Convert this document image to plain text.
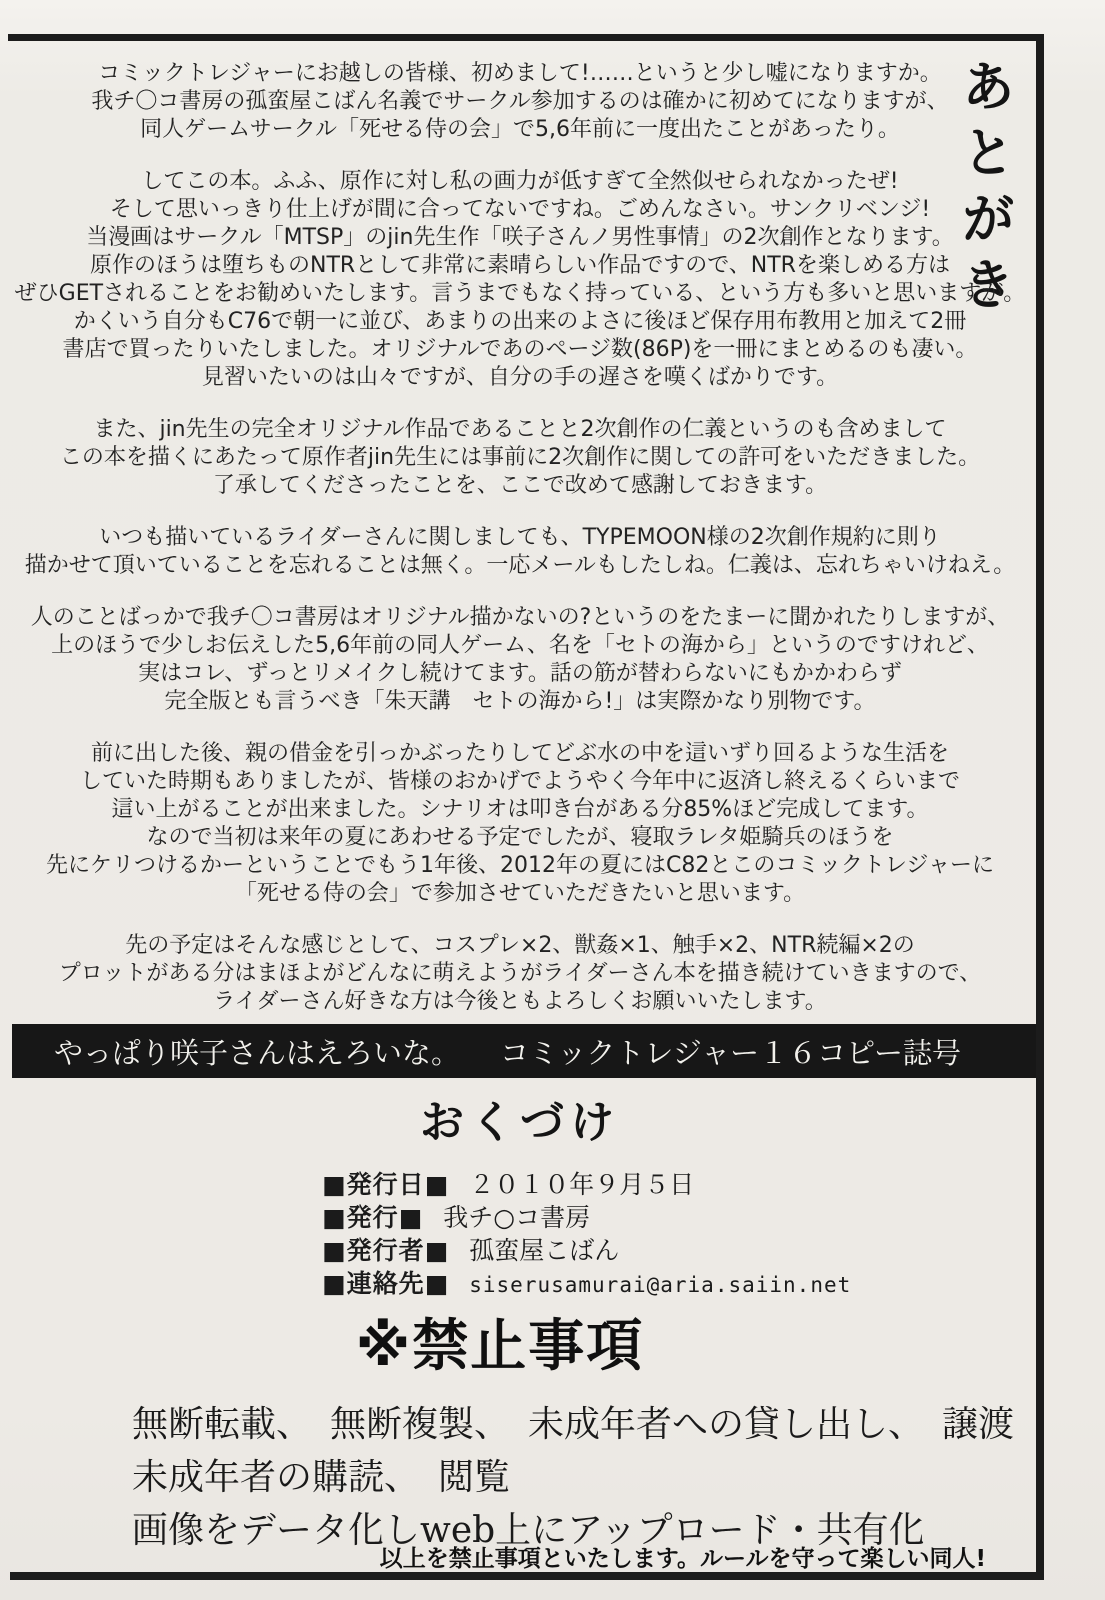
あとがき
コミックトレジャーにお越しの皆様、初めまして!……というと少し嘘になりますか。
我チ〇コ書房の孤蛮屋こばん名義でサークル参加するのは確かに初めてになりますが、
同人ゲームサークル「死せる侍の会」で5,6年前に一度出たことがあったり。
してこの本。ふふ、原作に対し私の画力が低すぎて全然似せられなかったぜ!
そして思いっきり仕上げが間に合ってないですね。ごめんなさい。サンクリベンジ!
当漫画はサークル「MTSP」のjin先生作「咲子さんノ男性事情」の2次創作となります。
原作のほうは堕ちものNTRとして非常に素晴らしい作品ですので、NTRを楽しめる方は
ぜひGETされることをお勧めいたします。言うまでもなく持っている、という方も多いと思いますが。
かくいう自分もC76で朝一に並び、あまりの出来のよさに後ほど保存用布教用と加えて2冊
書店で買ったりいたしました。オリジナルであのページ数(86P)を一冊にまとめるのも凄い。
見習いたいのは山々ですが、自分の手の遅さを嘆くばかりです。
また、jin先生の完全オリジナル作品であることと2次創作の仁義というのも含めまして
この本を描くにあたって原作者jin先生には事前に2次創作に関しての許可をいただきました。
了承してくださったことを、ここで改めて感謝しておきます。
いつも描いているライダーさんに関しましても、TYPEMOON様の2次創作規約に則り
描かせて頂いていることを忘れることは無く。一応メールもしたしね。仁義は、忘れちゃいけねえ。
人のことばっかで我チ〇コ書房はオリジナル描かないの?というのをたまーに聞かれたりしますが、
上のほうで少しお伝えした5,6年前の同人ゲーム、名を「セトの海から」というのですけれど、
実はコレ、ずっとリメイクし続けてます。話の筋が替わらないにもかかわらず
完全版とも言うべき「朱天講　セトの海から!」は実際かなり別物です。
前に出した後、親の借金を引っかぶったりしてどぶ水の中を這いずり回るような生活を
していた時期もありましたが、皆様のおかげでようやく今年中に返済し終えるくらいまで
這い上がることが出来ました。シナリオは叩き台がある分85%ほど完成してます。
なので当初は来年の夏にあわせる予定でしたが、寝取ラレタ姫騎兵のほうを
先にケリつけるかーということでもう1年後、2012年の夏にはC82とこのコミックトレジャーに
「死せる侍の会」で参加させていただきたいと思います。
先の予定はそんな感じとして、コスプレ×2、獣姦×1、触手×2、NTR続編×2の
プロットがある分はまほよがどんなに萌えようがライダーさん本を描き続けていきますので、
ライダーさん好きな方は今後ともよろしくお願いいたします。
やっぱり咲子さんはえろいな。 コミックトレジャー１６コピー誌号
おくづけ
■発行日■ ２０１０年９月５日
■発行■ 我チ○コ書房
■発行者■ 孤蛮屋こばん
■連絡先■ siserusamurai@aria.saiin.net
※禁止事項
無断転載、　無断複製、　未成年者への貸し出し、　譲渡
未成年者の購読、　閲覧
画像をデータ化しweb上にアップロード・共有化
以上を禁止事項といたします。ルールを守って楽しい同人!
